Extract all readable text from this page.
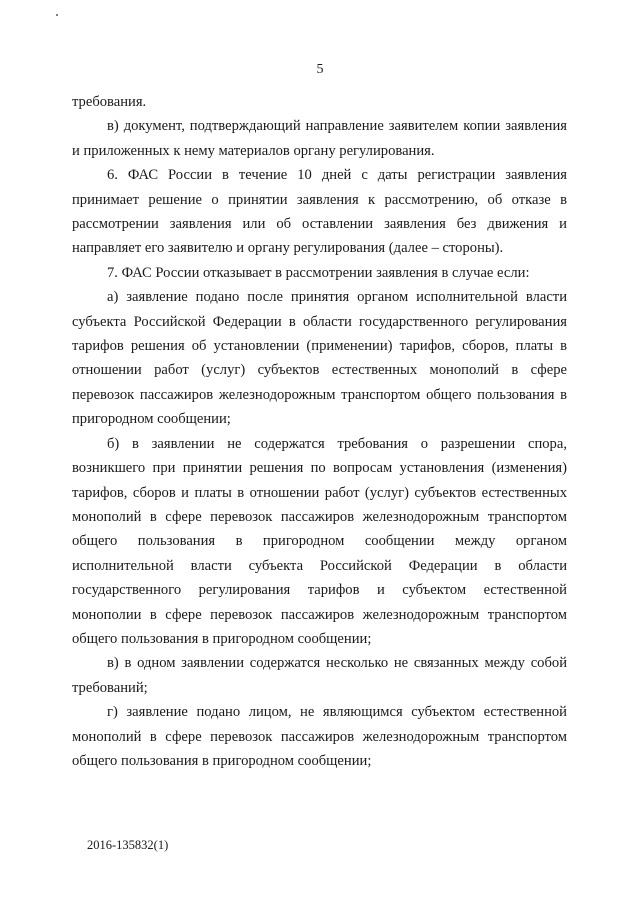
5

требования.

в) документ, подтверждающий направление заявителем копии заявления и приложенных к нему материалов органу регулирования.

6. ФАС России в течение 10 дней с даты регистрации заявления принимает решение о принятии заявления к рассмотрению, об отказе в рассмотрении заявления или об оставлении заявления без движения и направляет его заявителю и органу регулирования (далее – стороны).

7. ФАС России отказывает в рассмотрении заявления в случае если:

а) заявление подано после принятия органом исполнительной власти субъекта Российской Федерации в области государственного регулирования тарифов решения об установлении (применении) тарифов, сборов, платы в отношении работ (услуг) субъектов естественных монополий в сфере перевозок пассажиров железнодорожным транспортом общего пользования в пригородном сообщении;

б) в заявлении не содержатся требования о разрешении спора, возникшего при принятии решения по вопросам установления (изменения) тарифов, сборов и платы в отношении работ (услуг) субъектов естественных монополий в сфере перевозок пассажиров железнодорожным транспортом общего пользования в пригородном сообщении между органом исполнительной власти субъекта Российской Федерации в области государственного регулирования тарифов и субъектом естественной монополии в сфере перевозок пассажиров железнодорожным транспортом общего пользования в пригородном сообщении;

в) в одном заявлении содержатся несколько не связанных между собой требований;

г) заявление подано лицом, не являющимся субъектом естественной монополий в сфере перевозок пассажиров железнодорожным транспортом общего пользования в пригородном сообщении;

2016-135832(1)
